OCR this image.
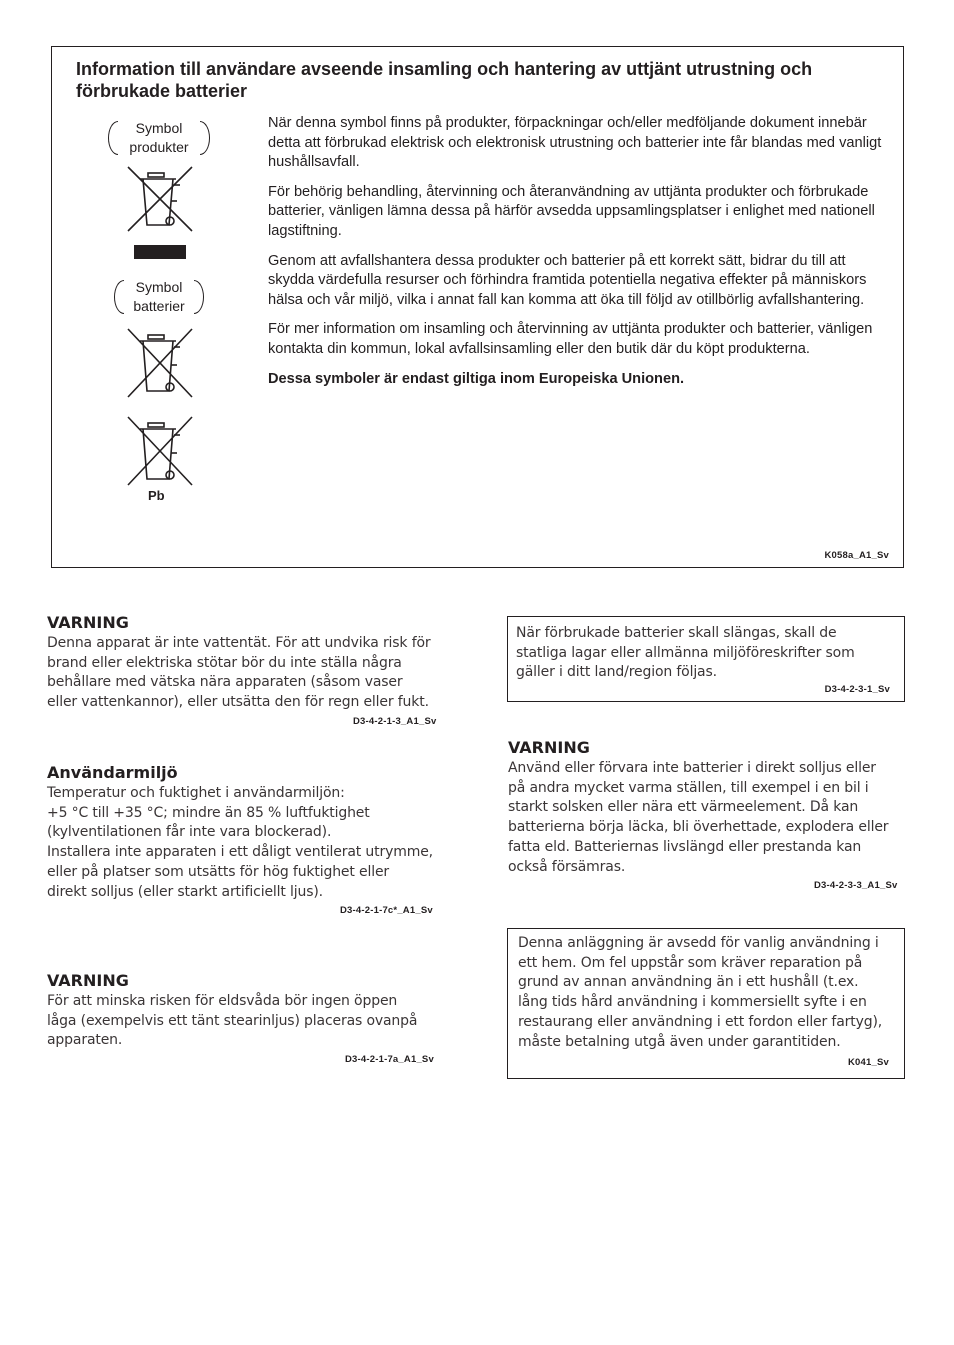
Information till användare avseende insamling och hantering av uttjänt utrustning och förbrukade batterier
Symbol
produkter
Symbol
batterier
Pb

När denna symbol finns på produkter, förpackningar och/eller medföljande dokument innebär detta att förbrukad elektrisk och elektronisk utrustning och batterier inte får blandas med vanligt hushållsavfall.

För behörig behandling, återvinning och återanvändning av uttjänta produkter och förbrukade batterier, vänligen lämna dessa på härför avsedda uppsamlingsplatser i enlighet med nationell lagstiftning.

Genom att avfallshantera dessa produkter och batterier på ett korrekt sätt, bidrar du till att skydda värdefulla resurser och förhindra framtida potentiella negativa effekter på människors hälsa och vår miljö, vilka i annat fall kan komma att öka till följd av otillbörlig avfallshantering.

För mer information om insamling och återvinning av uttjänta produkter och batterier, vänligen kontakta din kommun, lokal avfallsinsamling eller den butik där du köpt produkterna.

Dessa symboler är endast giltiga inom Europeiska Unionen.

K058a_A1_Sv
VARNING
Denna apparat är inte vattentät. För att undvika risk för
brand eller elektriska stötar bör du inte ställa några
behållare med vätska nära apparaten (såsom vaser
eller vattenkannor), eller utsätta den för regn eller fukt.
D3-4-2-1-3_A1_Sv
Användarmiljö
Temperatur och fuktighet i användarmiljön:
+5 °C till +35 °C; mindre än 85 % luftfuktighet
(kylventilationen får inte vara blockerad).
Installera inte apparaten i ett dåligt ventilerat utrymme,
eller på platser som utsätts för hög fuktighet eller
direkt solljus (eller starkt artificiellt ljus).
D3-4-2-1-7c*_A1_Sv
VARNING
För att minska risken för eldsvåda bör ingen öppen
låga (exempelvis ett tänt stearinljus) placeras ovanpå
apparaten.
D3-4-2-1-7a_A1_Sv
När förbrukade batterier skall slängas, skall de
statliga lagar eller allmänna miljöföreskrifter som
gäller i ditt land/region följas.
D3-4-2-3-1_Sv
VARNING
Använd eller förvara inte batterier i direkt solljus eller
på andra mycket varma ställen, till exempel i en bil i
starkt solsken eller nära ett värmeelement. Då kan
batterierna börja läcka, bli överhettade, explodera eller
fatta eld. Batteriernas livslängd eller prestanda kan
också försämras.
D3-4-2-3-3_A1_Sv
Denna anläggning är avsedd för vanlig användning i
ett hem. Om fel uppstår som kräver reparation på
grund av annan användning än i ett hushåll (t.ex.
lång tids hård användning i kommersiellt syfte i en
restaurang eller användning i ett fordon eller fartyg),
måste betalning utgå även under garantitiden.
K041_Sv
